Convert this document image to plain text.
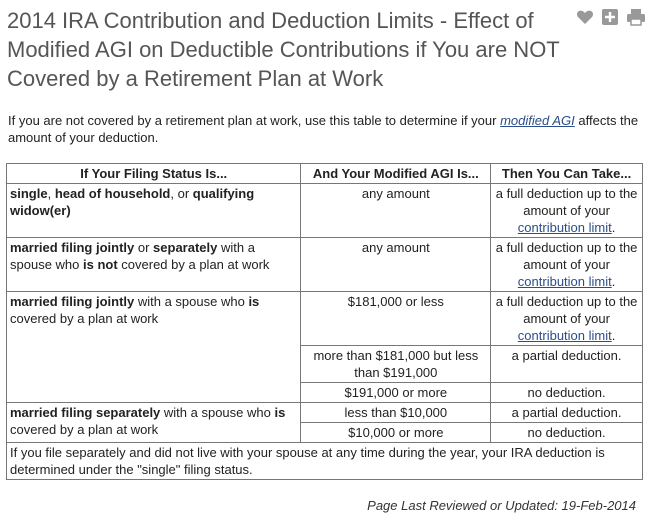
2014 IRA Contribution and Deduction Limits - Effect of Modified AGI on Deductible Contributions if You are NOT Covered by a Retirement Plan at Work
If you are not covered by a retirement plan at work, use this table to determine if your modified AGI affects the amount of your deduction.
If Your Filing Status Is...	And Your Modified AGI Is...	Then You Can Take...
single, head of household, or qualifying widow(er)	any amount	a full deduction up to the amount of your contribution limit.
married filing jointly or separately with a spouse who is not covered by a plan at work	any amount	a full deduction up to the amount of your contribution limit.
married filing jointly with a spouse who is covered by a plan at work	$181,000 or less	a full deduction up to the amount of your contribution limit.
	more than $181,000 but less than $191,000	a partial deduction.
	$191,000 or more	no deduction.
married filing separately with a spouse who is covered by a plan at work	less than $10,000	a partial deduction.
	$10,000 or more	no deduction.
If you file separately and did not live with your spouse at any time during the year, your IRA deduction is determined under the "single" filing status.		
Page Last Reviewed or Updated: 19-Feb-2014
